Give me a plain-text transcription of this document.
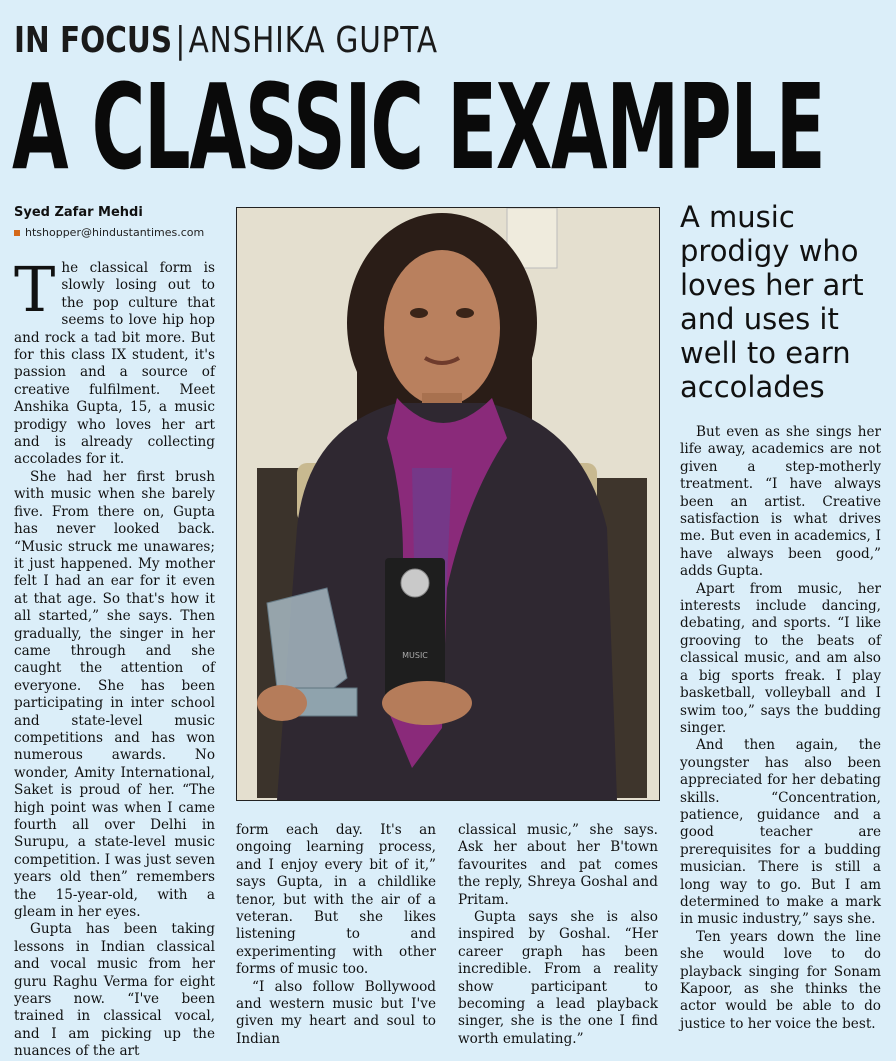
IN FOCUS|ANSHIKA GUPTA
A CLASSIC EXAMPLE
Syed Zafar Mehdi
htshopper@hindustantimes.com

The classical form is slowly losing out to the pop culture that seems to love hip hop and rock a tad bit more. But for this class IX student, it's passion and a source of creative fulfilment. Meet Anshika Gupta, 15, a music prodigy who loves her art and is already collecting accolades for it.

She had her first brush with music when she barely five. From there on, Gupta has never looked back. “Music struck me unawares; it just happened. My mother felt I had an ear for it even at that age. So that's how it all started,” she says. Then gradually, the singer in her came through and she caught the attention of everyone. She has been participating in inter school and state-level music competitions and has won numerous awards. No wonder, Amity International, Saket is proud of her. “The high point was when I came fourth all over Delhi in Surupu, a state-level music competition. I was just seven years old then” remembers the 15-year-old, with a gleam in her eyes.

Gupta has been taking lessons in Indian classical and vocal music from her guru Raghu Verma for eight years now. “I've been trained in classical vocal, and I am picking up the nuances of the art

MUSIC
A music prodigy who loves her art and uses it well to earn accolades

form each day. It's an ongoing learning process, and I enjoy every bit of it,” says Gupta, in a childlike tenor, but with the air of a veteran. But she likes listening to and experimenting with other forms of music too.

“I also follow Bollywood and western music but I've given my heart and soul to Indian

classical music,” she says. Ask her about her B'town favourites and pat comes the reply, Shreya Goshal and Pritam.

Gupta says she is also inspired by Goshal. “Her career graph has been incredible. From a reality show participant to becoming a lead playback singer, she is the one I find worth emulating.”

But even as she sings her life away, academics are not given a step-motherly treatment. “I have always been an artist. Creative satisfaction is what drives me. But even in academics, I have always been good,” adds Gupta.

Apart from music, her interests include dancing, debating, and sports. “I like grooving to the beats of classical music, and am also a big sports freak. I play basketball, volleyball and I swim too,” says the budding singer.

And then again, the youngster has also been appreciated for her debating skills. “Concentration, patience, guidance and a good teacher are prerequisites for a budding musician. There is still a long way to go. But I am determined to make a mark in music industry,” says she.

Ten years down the line she would love to do playback singing for Sonam Kapoor, as she thinks the actor would be able to do justice to her voice the best.
